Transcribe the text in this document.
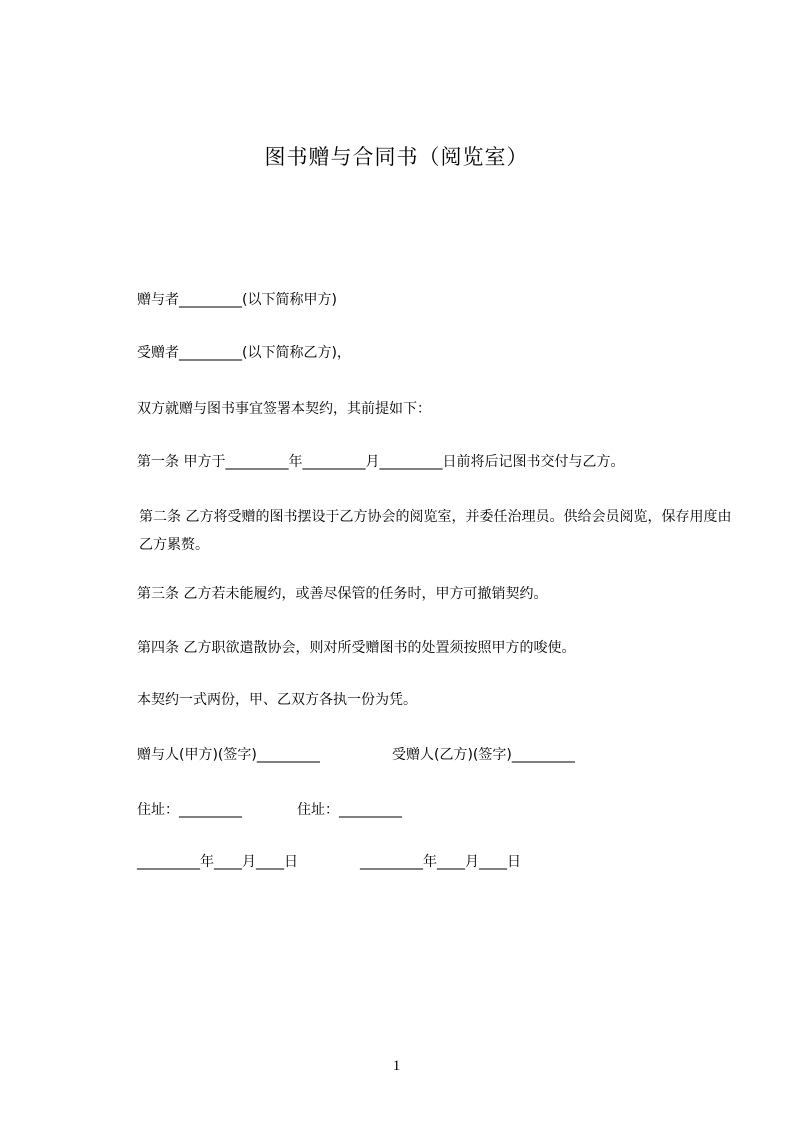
图书赠与合同书（阅览室）
赠与者_________(以下简称甲方)
受赠者_________(以下简称乙方)，
双方就赠与图书事宜签署本契约，其前提如下：
第一条 甲方于_________年_________月_________日前将后记图书交付与乙方。
第二条 乙方将受赠的图书摆设于乙方协会的阅览室，并委任治理员。供给会员阅览，保存用度由乙方累赘。
第三条 乙方若未能履约，或善尽保管的任务时，甲方可撤销契约。
第四条 乙方职欲遣散协会，则对所受赠图书的处置须按照甲方的唆使。
本契约一式两份，甲、乙双方各执一份为凭。
赠与人(甲方)(签字)_________	受赠人(乙方)(签字)_________
住址：_________	住址：_________
_________年____月____日	_________年____月____日
1
